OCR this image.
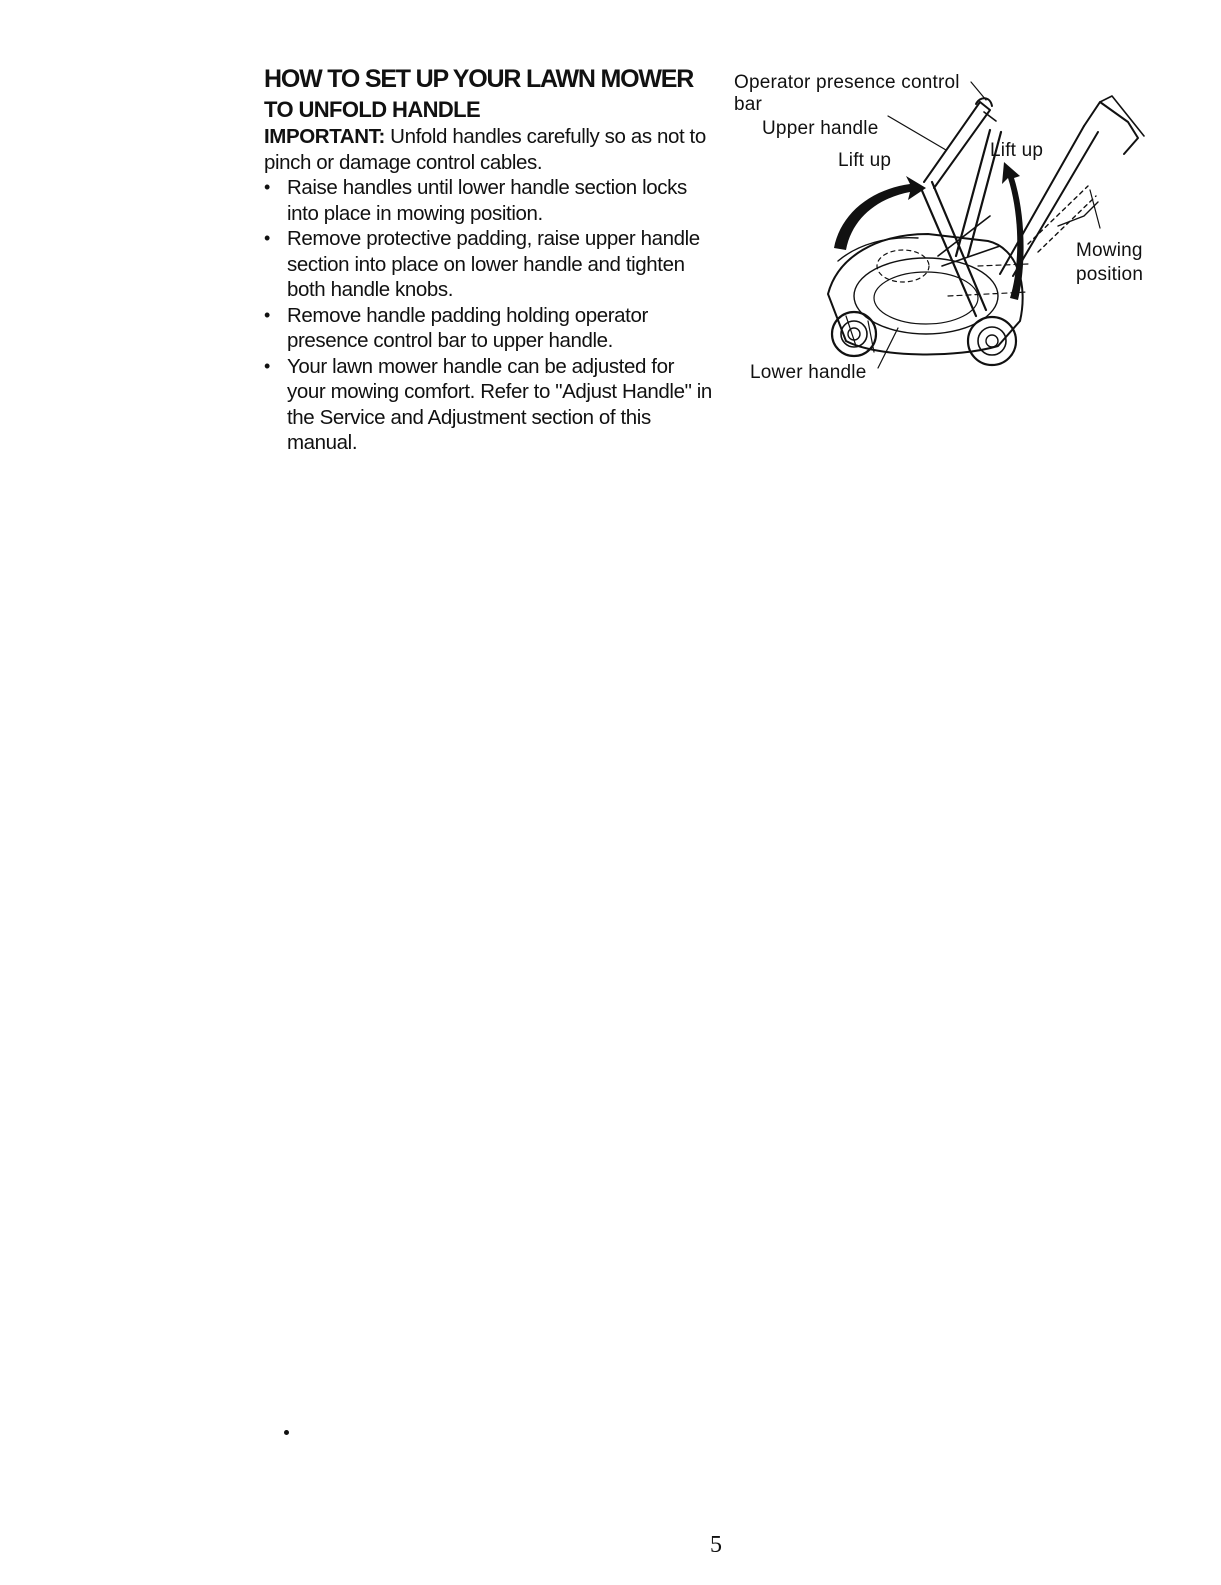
HOW TO SET UP YOUR LAWN MOWER
TO UNFOLD HANDLE

IMPORTANT: Unfold handles carefully so as not to pinch or damage control cables.

• Raise handles until lower handle section locks into place in mowing position.
• Remove protective padding, raise upper handle section into place on lower handle and tighten both handle knobs.
• Remove handle padding holding operator presence control bar to upper handle.
• Your lawn mower handle can be adjusted for your mowing comfort. Refer to "Adjust Handle" in the Service and Adjustment section of this manual.
Operator presence control
bar
Upper handle
Lift up	Lift up
Mowing
position
Lower handle
5
